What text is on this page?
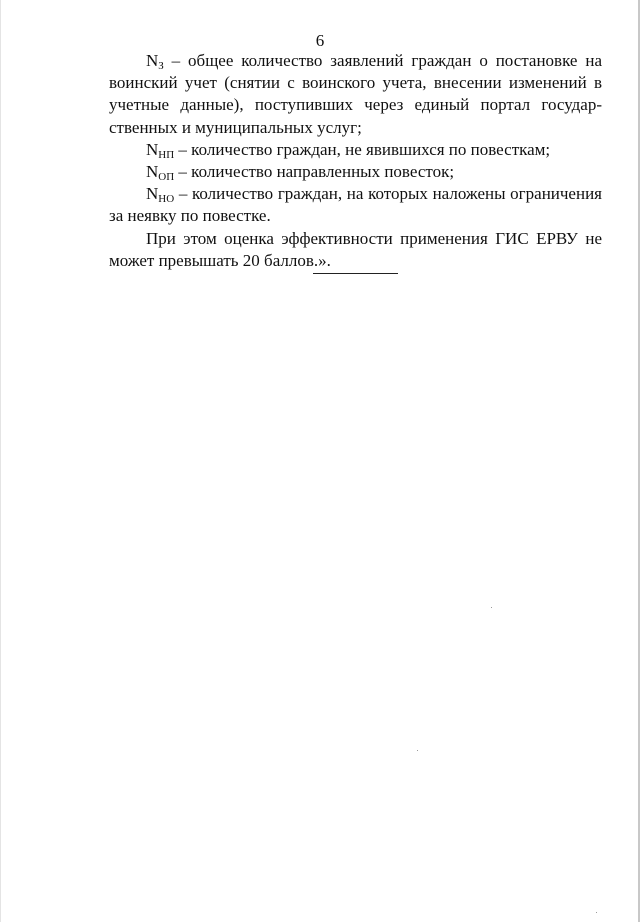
6

$N_З$ – общее количество заявлений граждан о постановке на воинский учет (снятии с воинского учета, внесении изменений в учетные данные), поступивших через единый портал государственных и муниципальных услуг;

$N_{НП}$ – количество граждан, не явившихся по повесткам;

$N_{ОП}$ – количество направленных повесток;

$N_{НО}$ – количество граждан, на которых наложены ограничения за неявку по повестке.

При этом оценка эффективности применения ГИС ЕРВУ не может превышать 20 баллов.».
